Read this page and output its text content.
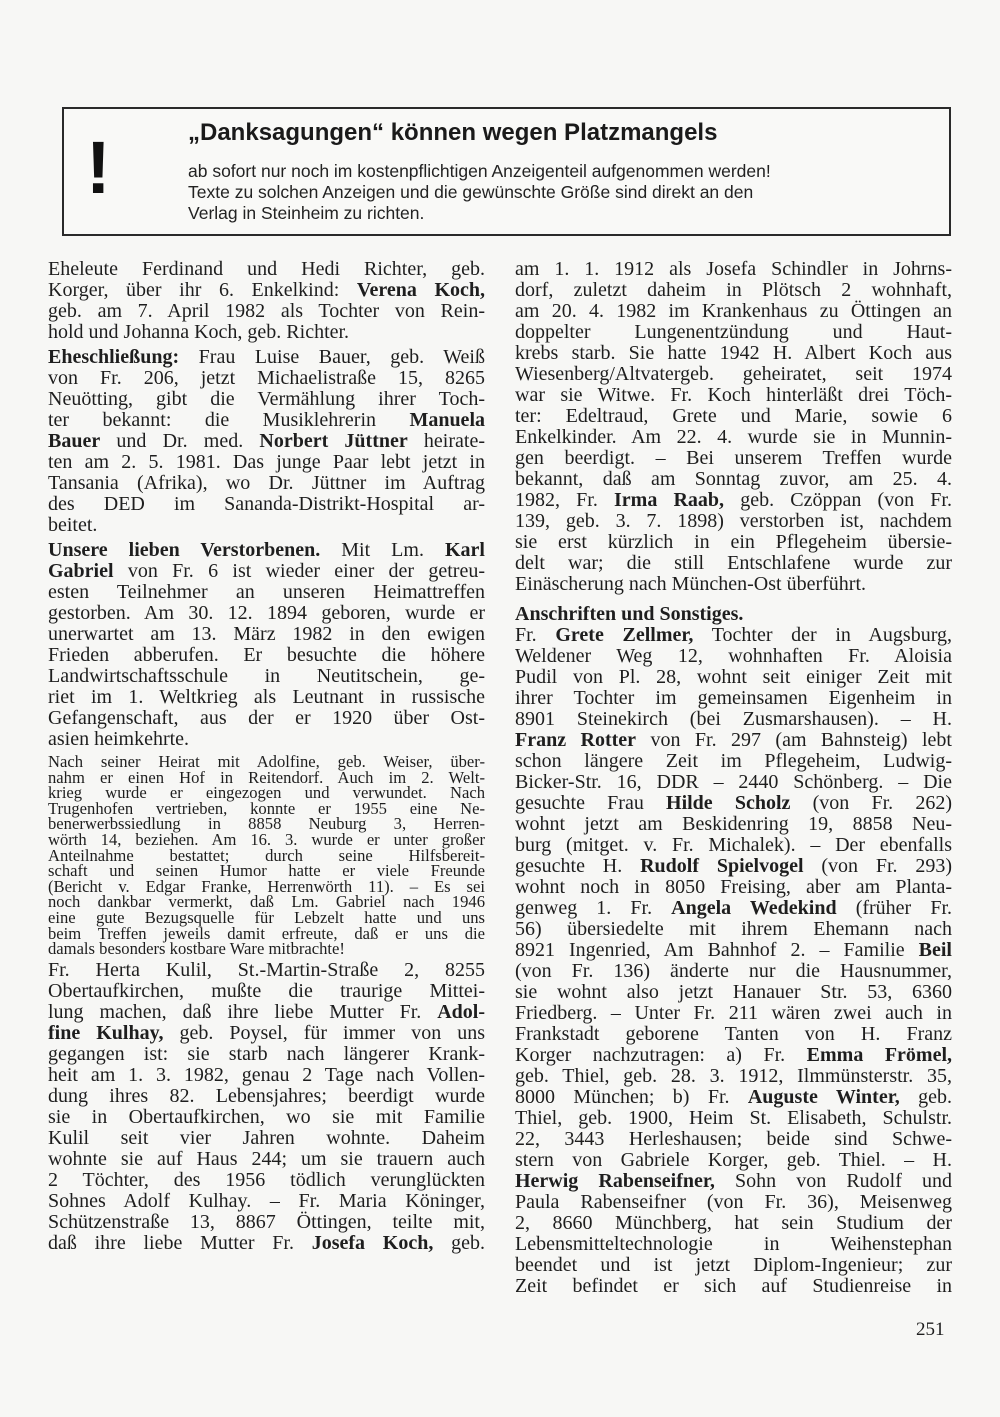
!	„Danksagungen“ können wegen Platzmangels
ab sofort nur noch im kostenpflichtigen Anzeigenteil aufgenommen werden!
Texte zu solchen Anzeigen und die gewünschte Größe sind direkt an den
Verlag in Steinheim zu richten.
Eheleute Ferdinand und Hedi Richter, geb.
Korger, über ihr 6. Enkelkind: Verena Koch,
geb. am 7. April 1982 als Tochter von Rein-
hold und Johanna Koch, geb. Richter.
Eheschließung: Frau Luise Bauer, geb. Weiß
von Fr. 206, jetzt Michaelistraße 15, 8265
Neuötting, gibt die Vermählung ihrer Toch-
ter bekannt: die Musiklehrerin Manuela
Bauer und Dr. med. Norbert Jüttner heirate-
ten am 2. 5. 1981. Das junge Paar lebt jetzt in
Tansania (Afrika), wo Dr. Jüttner im Auftrag
des DED im Sananda-Distrikt-Hospital ar-
beitet.
Unsere lieben Verstorbenen. Mit Lm. Karl
Gabriel von Fr. 6 ist wieder einer der getreu-
esten Teilnehmer an unseren Heimattreffen
gestorben. Am 30. 12. 1894 geboren, wurde er
unerwartet am 13. März 1982 in den ewigen
Frieden abberufen. Er besuchte die höhere
Landwirtschaftsschule in Neutitschein, ge-
riet im 1. Weltkrieg als Leutnant in russische
Gefangenschaft, aus der er 1920 über Ost-
asien heimkehrte.
Nach seiner Heirat mit Adolfine, geb. Weiser, über-
nahm er einen Hof in Reitendorf. Auch im 2. Welt-
krieg wurde er eingezogen und verwundet. Nach
Trugenhofen vertrieben, konnte er 1955 eine Ne-
benerwerbssiedlung in 8858 Neuburg 3, Herren-
wörth 14, beziehen. Am 16. 3. wurde er unter großer
Anteilnahme bestattet; durch seine Hilfsbereit-
schaft und seinen Humor hatte er viele Freunde
(Bericht v. Edgar Franke, Herrenwörth 11). – Es sei
noch dankbar vermerkt, daß Lm. Gabriel nach 1946
eine gute Bezugsquelle für Lebzelt hatte und uns
beim Treffen jeweils damit erfreute, daß er uns die
damals besonders kostbare Ware mitbrachte!
Fr. Herta Kulil, St.-Martin-Straße 2, 8255
Obertaufkirchen, mußte die traurige Mittei-
lung machen, daß ihre liebe Mutter Fr. Adol-
fine Kulhay, geb. Poysel, für immer von uns
gegangen ist: sie starb nach längerer Krank-
heit am 1. 3. 1982, genau 2 Tage nach Vollen-
dung ihres 82. Lebensjahres; beerdigt wurde
sie in Obertaufkirchen, wo sie mit Familie
Kulil seit vier Jahren wohnte. Daheim
wohnte sie auf Haus 244; um sie trauern auch
2 Töchter, des 1956 tödlich verunglückten
Sohnes Adolf Kulhay. – Fr. Maria Köninger,
Schützenstraße 13, 8867 Öttingen, teilte mit,
daß ihre liebe Mutter Fr. Josefa Koch, geb.
am 1. 1. 1912 als Josefa Schindler in Johrns-
dorf, zuletzt daheim in Plötsch 2 wohnhaft,
am 20. 4. 1982 im Krankenhaus zu Öttingen an
doppelter Lungenentzündung und Haut-
krebs starb. Sie hatte 1942 H. Albert Koch aus
Wiesenberg/Altvatergeb. geheiratet, seit 1974
war sie Witwe. Fr. Koch hinterläßt drei Töch-
ter: Edeltraud, Grete und Marie, sowie 6
Enkelkinder. Am 22. 4. wurde sie in Munnin-
gen beerdigt. – Bei unserem Treffen wurde
bekannt, daß am Sonntag zuvor, am 25. 4.
1982, Fr. Irma Raab, geb. Czöppan (von Fr.
139, geb. 3. 7. 1898) verstorben ist, nachdem
sie erst kürzlich in ein Pflegeheim übersie-
delt war; die still Entschlafene wurde zur
Einäscherung nach München-Ost überführt.
Anschriften und Sonstiges.
Fr. Grete Zellmer, Tochter der in Augsburg,
Weldener Weg 12, wohnhaften Fr. Aloisia
Pudil von Pl. 28, wohnt seit einiger Zeit mit
ihrer Tochter im gemeinsamen Eigenheim in
8901 Steinekirch (bei Zusmarshausen). – H.
Franz Rotter von Fr. 297 (am Bahnsteig) lebt
schon längere Zeit im Pflegeheim, Ludwig-
Bicker-Str. 16, DDR – 2440 Schönberg. – Die
gesuchte Frau Hilde Scholz (von Fr. 262)
wohnt jetzt am Beskidenring 19, 8858 Neu-
burg (mitget. v. Fr. Michalek). – Der ebenfalls
gesuchte H. Rudolf Spielvogel (von Fr. 293)
wohnt noch in 8050 Freising, aber am Planta-
genweg 1. Fr. Angela Wedekind (früher Fr.
56) übersiedelte mit ihrem Ehemann nach
8921 Ingenried, Am Bahnhof 2. – Familie Beil
(von Fr. 136) änderte nur die Hausnummer,
sie wohnt also jetzt Hanauer Str. 53, 6360
Friedberg. – Unter Fr. 211 wären zwei auch in
Frankstadt geborene Tanten von H. Franz
Korger nachzutragen: a) Fr. Emma Frömel,
geb. Thiel, geb. 28. 3. 1912, Ilmmünsterstr. 35,
8000 München; b) Fr. Auguste Winter, geb.
Thiel, geb. 1900, Heim St. Elisabeth, Schulstr.
22, 3443 Herleshausen; beide sind Schwe-
stern von Gabriele Korger, geb. Thiel. – H.
Herwig Rabenseifner, Sohn von Rudolf und
Paula Rabenseifner (von Fr. 36), Meisenweg
2, 8660 Münchberg, hat sein Studium der
Lebensmitteltechnologie in Weihenstephan
beendet und ist jetzt Diplom-Ingenieur; zur
Zeit befindet er sich auf Studienreise in
251
